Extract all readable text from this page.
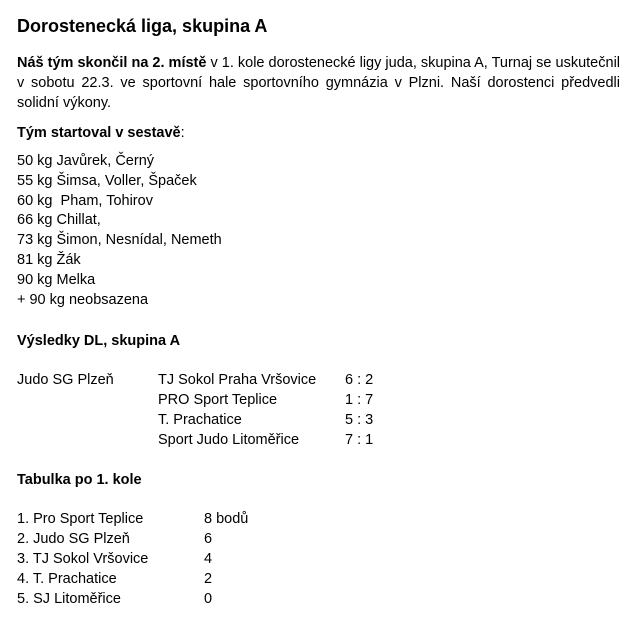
Dorostenecká liga, skupina A
Náš tým skončil na 2. místě v 1. kole dorostenecké ligy juda, skupina A, Turnaj se uskutečnil v sobotu 22.3. ve sportovní hale sportovního gymnázia v Plzni. Naší dorostenci předvedli solidní výkony.
Tým startoval v sestavě:
50 kg Javůrek, Černý
55 kg Šimsa, Voller, Špaček
60 kg  Pham, Tohirov
66 kg Chillat,
73 kg Šimon, Nesnídal, Nemeth
81 kg Žák
90 kg Melka
+ 90 kg neobsazena
Výsledky DL, skupina A
Judo SG Plzeň	TJ Sokol Praha Vršovice 6 : 2
PRO Sport Teplice	1 : 7
T. Prachatice	5 : 3
Sport Judo Litoměřice	7 : 1
Tabulka po 1. kole
1. Pro Sport Teplice	8 bodů
2. Judo SG Plzeň	6
3. TJ Sokol Vršovice	4
4. T. Prachatice	2
5. SJ Litoměřice	0
